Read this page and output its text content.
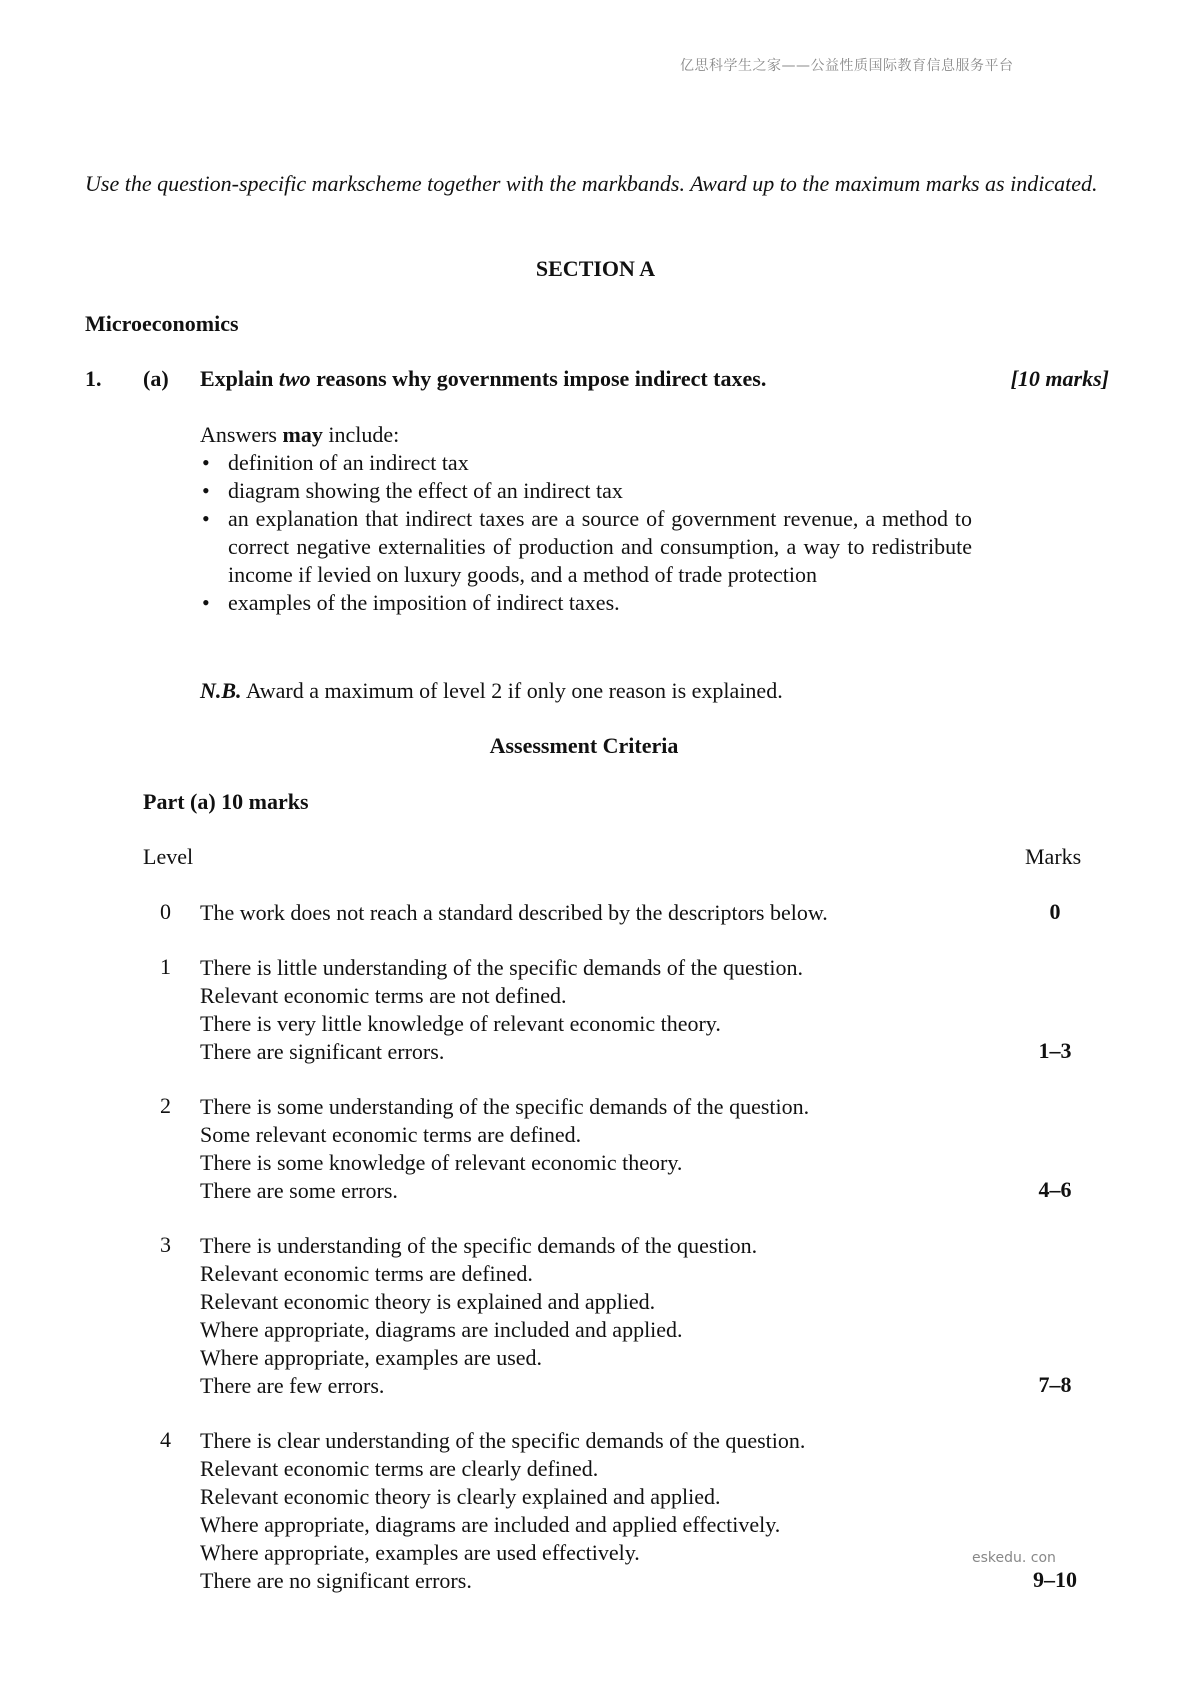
亿思科学生之家——公益性质国际教育信息服务平台
Use the question-specific markscheme together with the markbands. Award up to the maximum marks as indicated.
SECTION A
Microeconomics
1. (a) Explain two reasons why governments impose indirect taxes.	[10 marks]
Answers may include:
• definition of an indirect tax
• diagram showing the effect of an indirect tax
• an explanation that indirect taxes are a source of government revenue, a method to correct negative externalities of production and consumption, a way to redistribute income if levied on luxury goods, and a method of trade protection
• examples of the imposition of indirect taxes.
N.B. Award a maximum of level 2 if only one reason is explained.
Assessment Criteria
Part (a) 10 marks
Level	Marks
0	The work does not reach a standard described by the descriptors below.	0
1	There is little understanding of the specific demands of the question.
Relevant economic terms are not defined.
There is very little knowledge of relevant economic theory.
There are significant errors.	1–3
2	There is some understanding of the specific demands of the question.
Some relevant economic terms are defined.
There is some knowledge of relevant economic theory.
There are some errors.	4–6
3	There is understanding of the specific demands of the question.
Relevant economic terms are defined.
Relevant economic theory is explained and applied.
Where appropriate, diagrams are included and applied.
Where appropriate, examples are used.
There are few errors.	7–8
4	There is clear understanding of the specific demands of the question.
Relevant economic terms are clearly defined.
Relevant economic theory is clearly explained and applied.
Where appropriate, diagrams are included and applied effectively.
Where appropriate, examples are used effectively.
There are no significant errors.	9–10
eskedu. con
